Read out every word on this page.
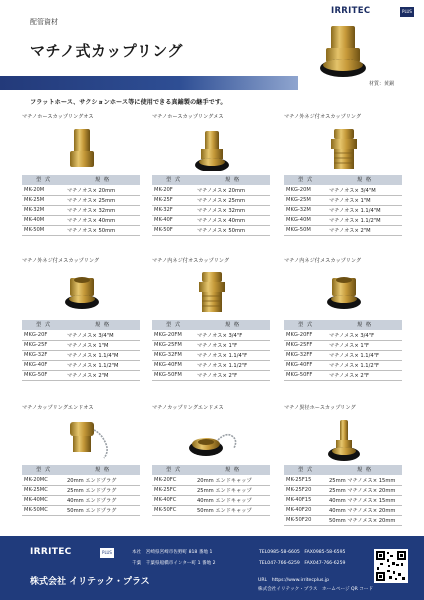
配管資材
マチノ式カップリング
IRRITEC	PLUS
材質：黄銅
フラットホース、サクションホース等に使用できる真鍮製の継手です。
マチノホースカップリングオス
型 式	規 格
MK-20M	マチノオス× 20mm
MK-25M	マチノオス× 25mm
MK-32M	マチノオス× 32mm
MK-40M	マチノオス× 40mm
MK-50M	マチノオス× 50mm
マチノホースカップリングメス
型 式	規 格
MK-20F	マチノメス× 20mm
MK-25F	マチノメス× 25mm
MK-32F	マチノメス× 32mm
MK-40F	マチノメス× 40mm
MK-50F	マチノメス× 50mm
マチノ外ネジ付オスカップリング
型 式	規 格
MKG-20M	マチノオス× 3/4"M
MKG-25M	マチノオス× 1"M
MKG-32M	マチノオス× 1.1/4"M
MKG-40M	マチノオス× 1.1/2"M
MKG-50M	マチノオス× 2"M
マチノ外ネジ付メスカップリング
型 式	規 格
MKG-20F	マチノメス× 3/4"M
MKG-25F	マチノメス× 1"M
MKG-32F	マチノメス× 1.1/4"M
MKG-40F	マチノメス× 1.1/2"M
MKG-50F	マチノメス× 2"M
マチノ内ネジ付オスカップリング
型 式	規 格
MKG-20FM	マチノオス× 3/4"F
MKG-25FM	マチノオス× 1"F
MKG-32FM	マチノオス× 1.1/4"F
MKG-40FM	マチノオス× 1.1/2"F
MKG-50FM	マチノオス× 2"F
マチノ内ネジ付メスカップリング
型 式	規 格
MKG-20FF	マチノメス× 3/4"F
MKG-25FF	マチノメス× 1"F
MKG-32FF	マチノメス× 1.1/4"F
MKG-40FF	マチノメス× 1.1/2"F
MKG-50FF	マチノメス× 2"F
マチノカップリングエンドオス
型 式	規 格
MK-20MC	20mm エンドプラグ
MK-25MC	25mm エンドプラグ
MK-40MC	40mm エンドプラグ
MK-50MC	50mm エンドプラグ
マチノカップリングエンドメス
型 式	規 格
MK-20FC	20mm エンドキャップ
MK-25FC	25mm エンドキャップ
MK-40FC	40mm エンドキャップ
MK-50FC	50mm エンドキャップ
マチノ異径ホースカップリング
型 式	規 格
MK-25F15	25mm マチノメス× 15mm
MK-25F20	25mm マチノメス× 20mm
MK-40F15	40mm マチノメス× 15mm
MK-40F20	40mm マチノメス× 20mm
MK-50F20	50mm マチノメス× 20mm
IRRITEC	PLUS
株式会社 イリテック・プラス
本社　宮崎県宮崎市佐野町 818 番地 1	TEL0985-58-6605　FAX0985-58-6595
千葉　千葉県船橋市インター町 1 番地 2	TEL047-766-6259　FAX047-766-6259
URL　https://www.irritecplus.jp
株式会社イリテック・プラス　ホームページ QR コード
